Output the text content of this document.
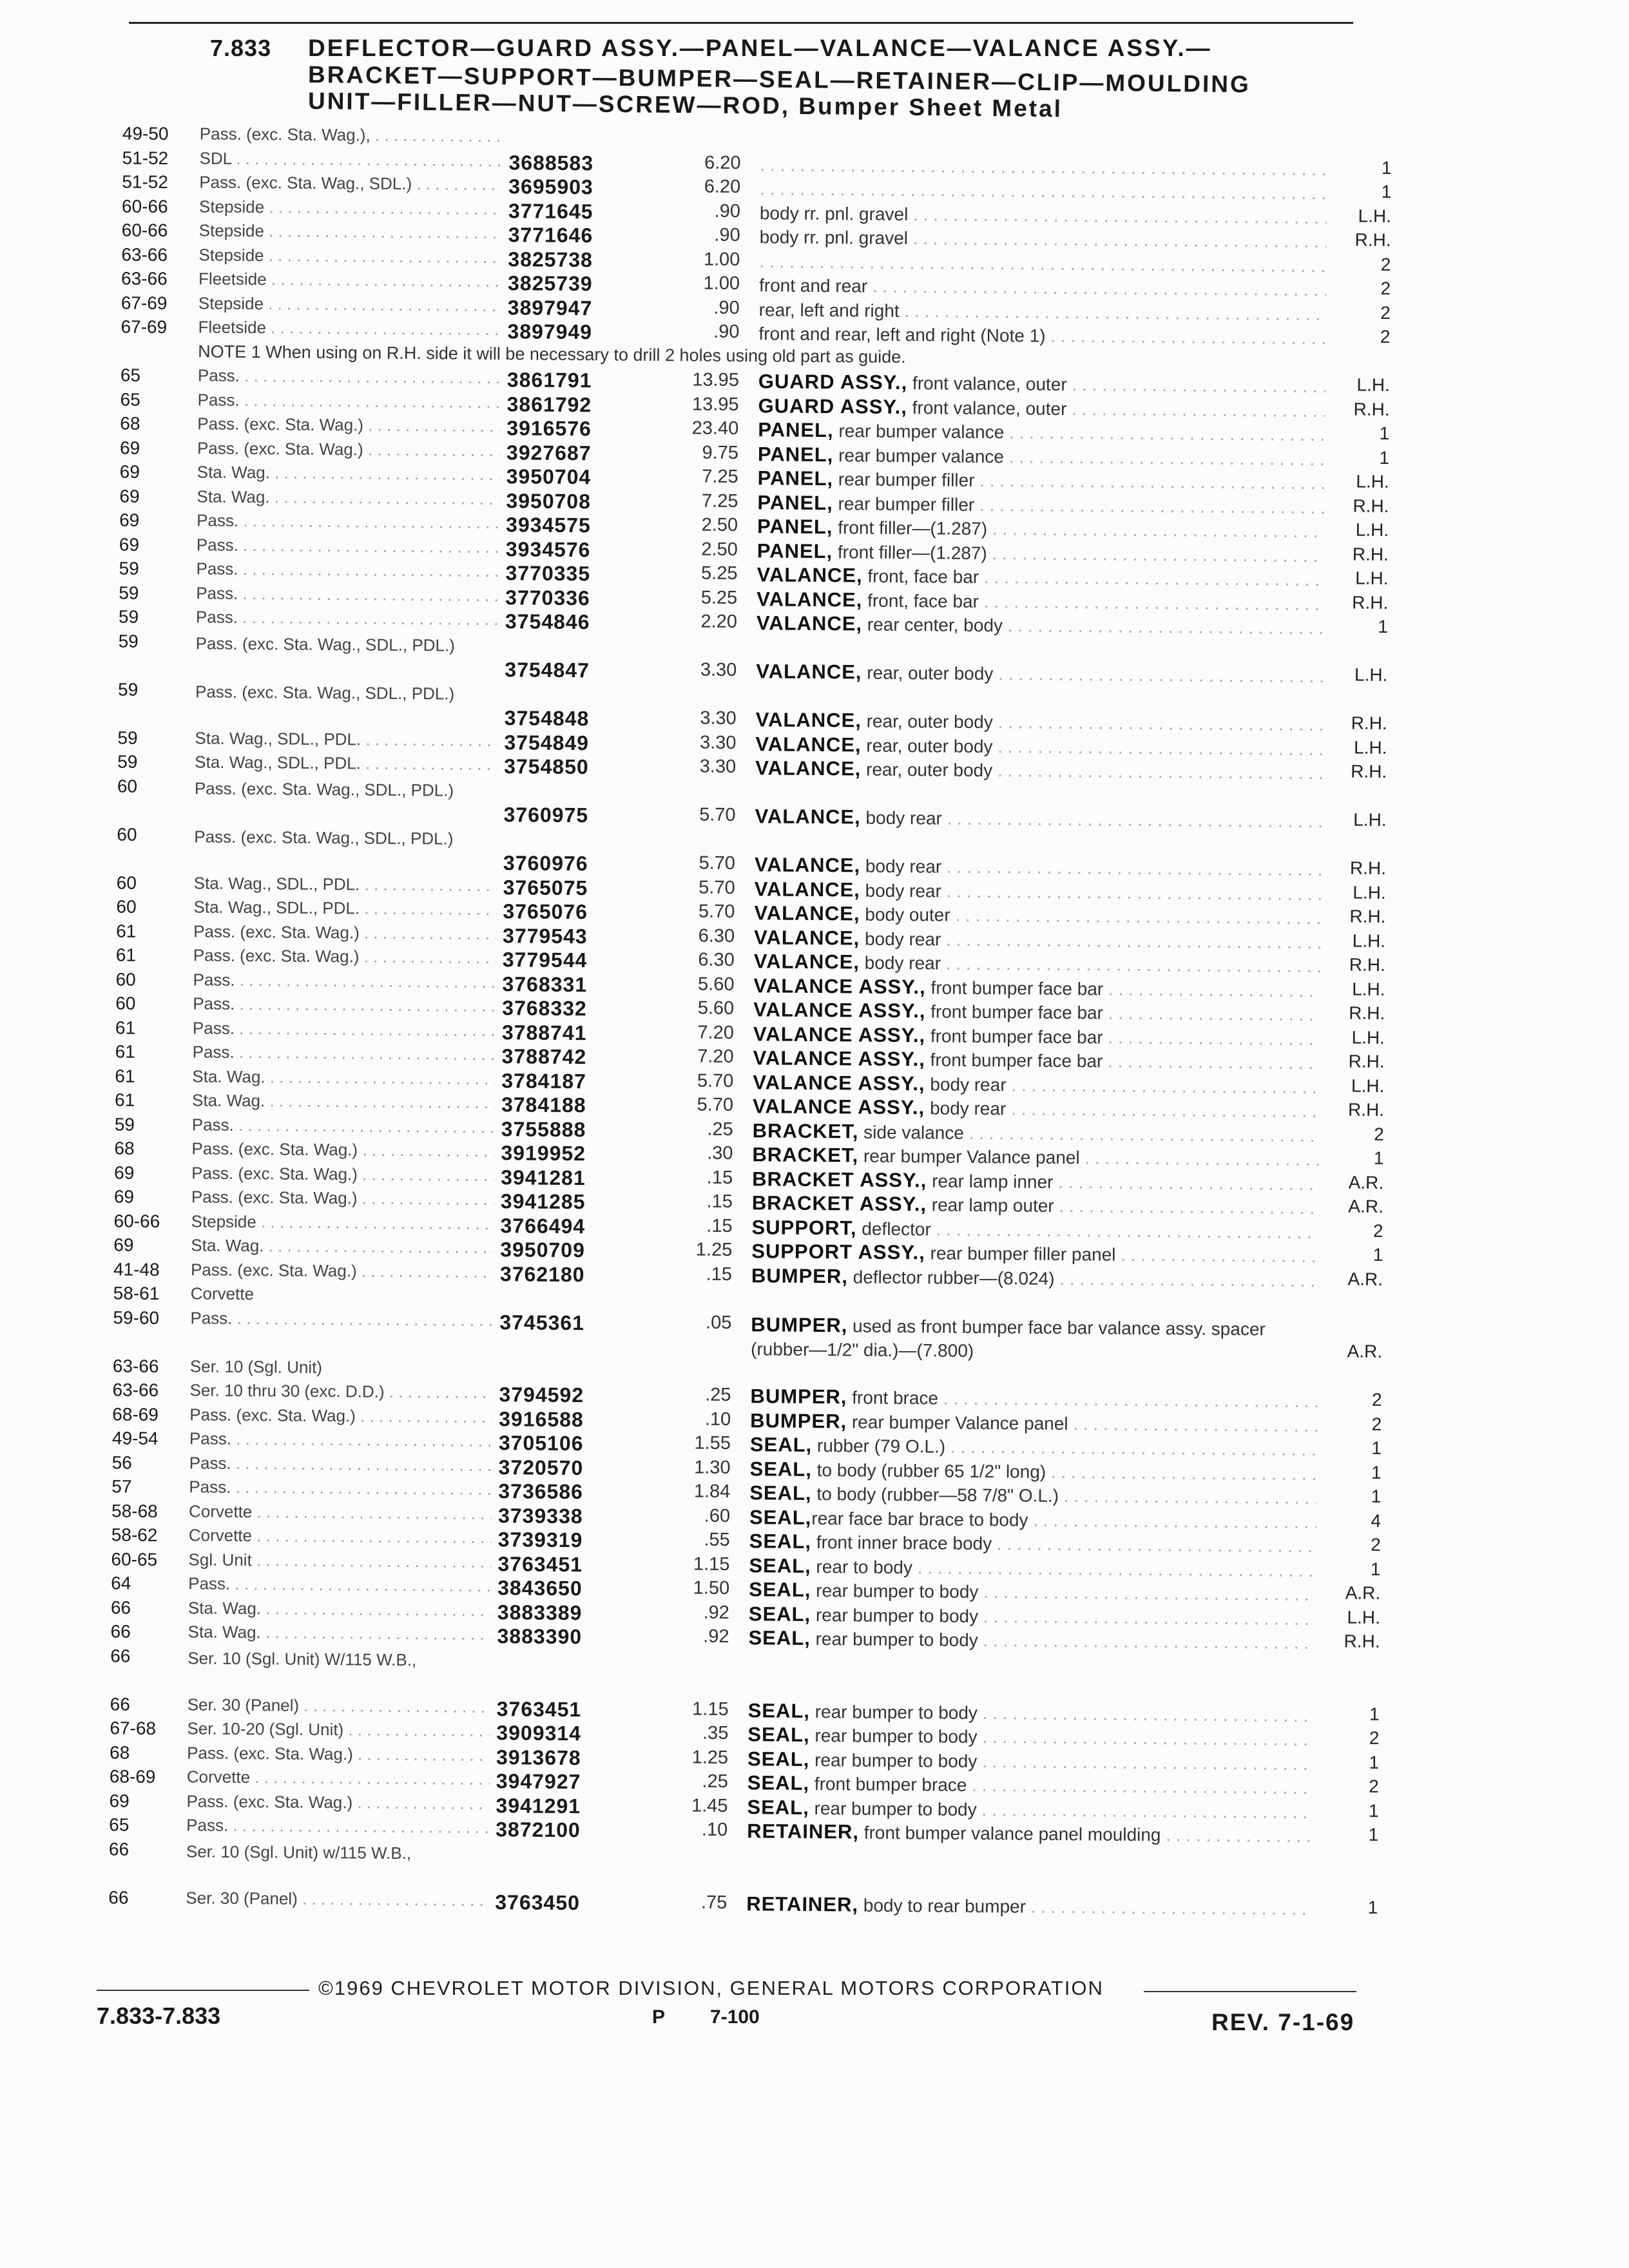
7.833 DEFLECTOR—GUARD ASSY.—PANEL—VALANCE—VALANCE ASSY.—
BRACKET—SUPPORT—BUMPER—SEAL—RETAINER—CLIP—MOULDING
UNIT—FILLER—NUT—SCREW—ROD, Bumper Sheet Metal
49-50	Pass. (exc. Sta. Wag.), . . .
51-52	SDL . . .	3688583	6.20 . . .	1
51-52	Pass. (exc. Sta. Wag., SDL.) . . .	3695903	6.20 . . .	1
60-66	Stepside . . .	3771645	.90 body rr. pnl. gravel . . .	L.H.
60-66	Stepside . . .	3771646	.90 body rr. pnl. gravel . . .	R.H.
63-66	Stepside . . .	3825738	1.00 . . .	2
63-66	Fleetside . . .	3825739	1.00 front and rear . . .	2
67-69	Stepside . . .	3897947	.90 rear, left and right . . .	2
67-69	Fleetside . . .	3897949	.90 front and rear, left and right (Note 1) . . .	2
NOTE 1 When using on R.H. side it will be necessary to drill 2 holes using old part as guide.
65	Pass. . . .	3861791	13.95 GUARD ASSY., front valance, outer . . .	L.H.
65	Pass. . . .	3861792	13.95 GUARD ASSY., front valance, outer . . .	R.H.
68	Pass. (exc. Sta. Wag.) . . .	3916576	23.40 PANEL, rear bumper valance . . .	1
69	Pass. (exc. Sta. Wag.) . . .	3927687	9.75 PANEL, rear bumper valance . . .	1
69	Sta. Wag. . . .	3950704	7.25 PANEL, rear bumper filler . . .	L.H.
69	Sta. Wag. . . .	3950708	7.25 PANEL, rear bumper filler . . .	R.H.
69	Pass. . . .	3934575	2.50 PANEL, front filler—(1.287) . . .	L.H.
69	Pass. . . .	3934576	2.50 PANEL, front filler—(1.287) . . .	R.H.
59	Pass. . . .	3770335	5.25 VALANCE, front, face bar . . .	L.H.
59	Pass. . . .	3770336	5.25 VALANCE, front, face bar . . .	R.H.
59	Pass. . . .	3754846	2.20 VALANCE, rear center, body . . .	1
59	Pass. (exc. Sta. Wag., SDL., PDL.)
3754847	3.30 VALANCE, rear, outer body . . .	L.H.
59	Pass. (exc. Sta. Wag., SDL., PDL.)
3754848	3.30 VALANCE, rear, outer body . . .	R.H.
59	Sta. Wag., SDL., PDL. . . .	3754849	3.30 VALANCE, rear, outer body . . .	L.H.
59	Sta. Wag., SDL., PDL. . . .	3754850	3.30 VALANCE, rear, outer body . . .	R.H.
60	Pass. (exc. Sta. Wag., SDL., PDL.)
3760975	5.70 VALANCE, body rear . . .	L.H.
60	Pass. (exc. Sta. Wag., SDL., PDL.)
3760976	5.70 VALANCE, body rear . . .	R.H.
60	Sta. Wag., SDL., PDL. . . .	3765075	5.70 VALANCE, body rear . . .	L.H.
60	Sta. Wag., SDL., PDL. . . .	3765076	5.70 VALANCE, body outer . . .	R.H.
61	Pass. (exc. Sta. Wag.) . . .	3779543	6.30 VALANCE, body rear . . .	L.H.
61	Pass. (exc. Sta. Wag.) . . .	3779544	6.30 VALANCE, body rear . . .	R.H.
60	Pass. . . .	3768331	5.60 VALANCE ASSY., front bumper face bar . . .	L.H.
60	Pass. . . .	3768332	5.60 VALANCE ASSY., front bumper face bar . . .	R.H.
61	Pass. . . .	3788741	7.20 VALANCE ASSY., front bumper face bar . . .	L.H.
61	Pass. . . .	3788742	7.20 VALANCE ASSY., front bumper face bar . . .	R.H.
61	Sta. Wag. . . .	3784187	5.70 VALANCE ASSY., body rear . . .	L.H.
61	Sta. Wag. . . .	3784188	5.70 VALANCE ASSY., body rear . . .	R.H.
59	Pass. . . .	3755888	.25 BRACKET, side valance . . .	2
68	Pass. (exc. Sta. Wag.) . . .	3919952	.30 BRACKET, rear bumper Valance panel . . .	1
69	Pass. (exc. Sta. Wag.) . . .	3941281	.15 BRACKET ASSY., rear lamp inner . . .	A.R.
69	Pass. (exc. Sta. Wag.) . . .	3941285	.15 BRACKET ASSY., rear lamp outer . . .	A.R.
60-66	Stepside . . .	3766494	.15 SUPPORT, deflector . . .	2
69	Sta. Wag. . . .	3950709	1.25 SUPPORT ASSY., rear bumper filler panel . . .	1
41-48	Pass. (exc. Sta. Wag.) . . .	3762180	.15 BUMPER, deflector rubber—(8.024) . . .	A.R.
58-61	Corvette
59-60	Pass. . . .	3745361	.05 BUMPER, used as front bumper face bar valance assy. spacer (rubber—1/2" dia.)—(7.800)	A.R.
63-66	Ser. 10 (Sgl. Unit)
63-66	Ser. 10 thru 30 (exc. D.D.) . . .	3794592	.25 BUMPER, front brace . . .	2
68-69	Pass. (exc. Sta. Wag.) . . .	3916588	.10 BUMPER, rear bumper Valance panel . . .	2
49-54	Pass. . . .	3705106	1.55 SEAL, rubber (79 O.L.) . . .	1
56	Pass. . . .	3720570	1.30 SEAL, to body (rubber 65 1/2" long) . . .	1
57	Pass. . . .	3736586	1.84 SEAL, to body (rubber—58 7/8" O.L.) . . .	1
58-68	Corvette . . .	3739338	.60 SEAL,rear face bar brace to body . . .	4
58-62	Corvette . . .	3739319	.55 SEAL, front inner brace body . . .	2
60-65	Sgl. Unit . . .	3763451	1.15 SEAL, rear to body . . .	1
64	Pass. . . .	3843650	1.50 SEAL, rear bumper to body . . .	A.R.
66	Sta. Wag. . . .	3883389	.92 SEAL, rear bumper to body . . .	L.H.
66	Sta. Wag. . . .	3883390	.92 SEAL, rear bumper to body . . .	R.H.
66	Ser. 10 (Sgl. Unit) W/115 W.B.,
66	Ser. 30 (Panel) . . .	3763451	1.15 SEAL, rear bumper to body . . .	1
67-68	Ser. 10-20 (Sgl. Unit) . . .	3909314	.35 SEAL, rear bumper to body . . .	2
68	Pass. (exc. Sta. Wag.) . . .	3913678	1.25 SEAL, rear bumper to body . . .	1
68-69	Corvette . . .	3947927	.25 SEAL, front bumper brace . . .	2
69	Pass. (exc. Sta. Wag.) . . .	3941291	1.45 SEAL, rear bumper to body . . .	1
65	Pass. . . .	3872100	.10 RETAINER, front bumper valance panel moulding . . .	1
66	Ser. 10 (Sgl. Unit) w/115 W.B.,
66	Ser. 30 (Panel) . . .	3763450	.75 RETAINER, body to rear bumper . . .	1
©1969 CHEVROLET MOTOR DIVISION, GENERAL MOTORS CORPORATION
7.833-7.833	P 7-100	REV. 7-1-69
